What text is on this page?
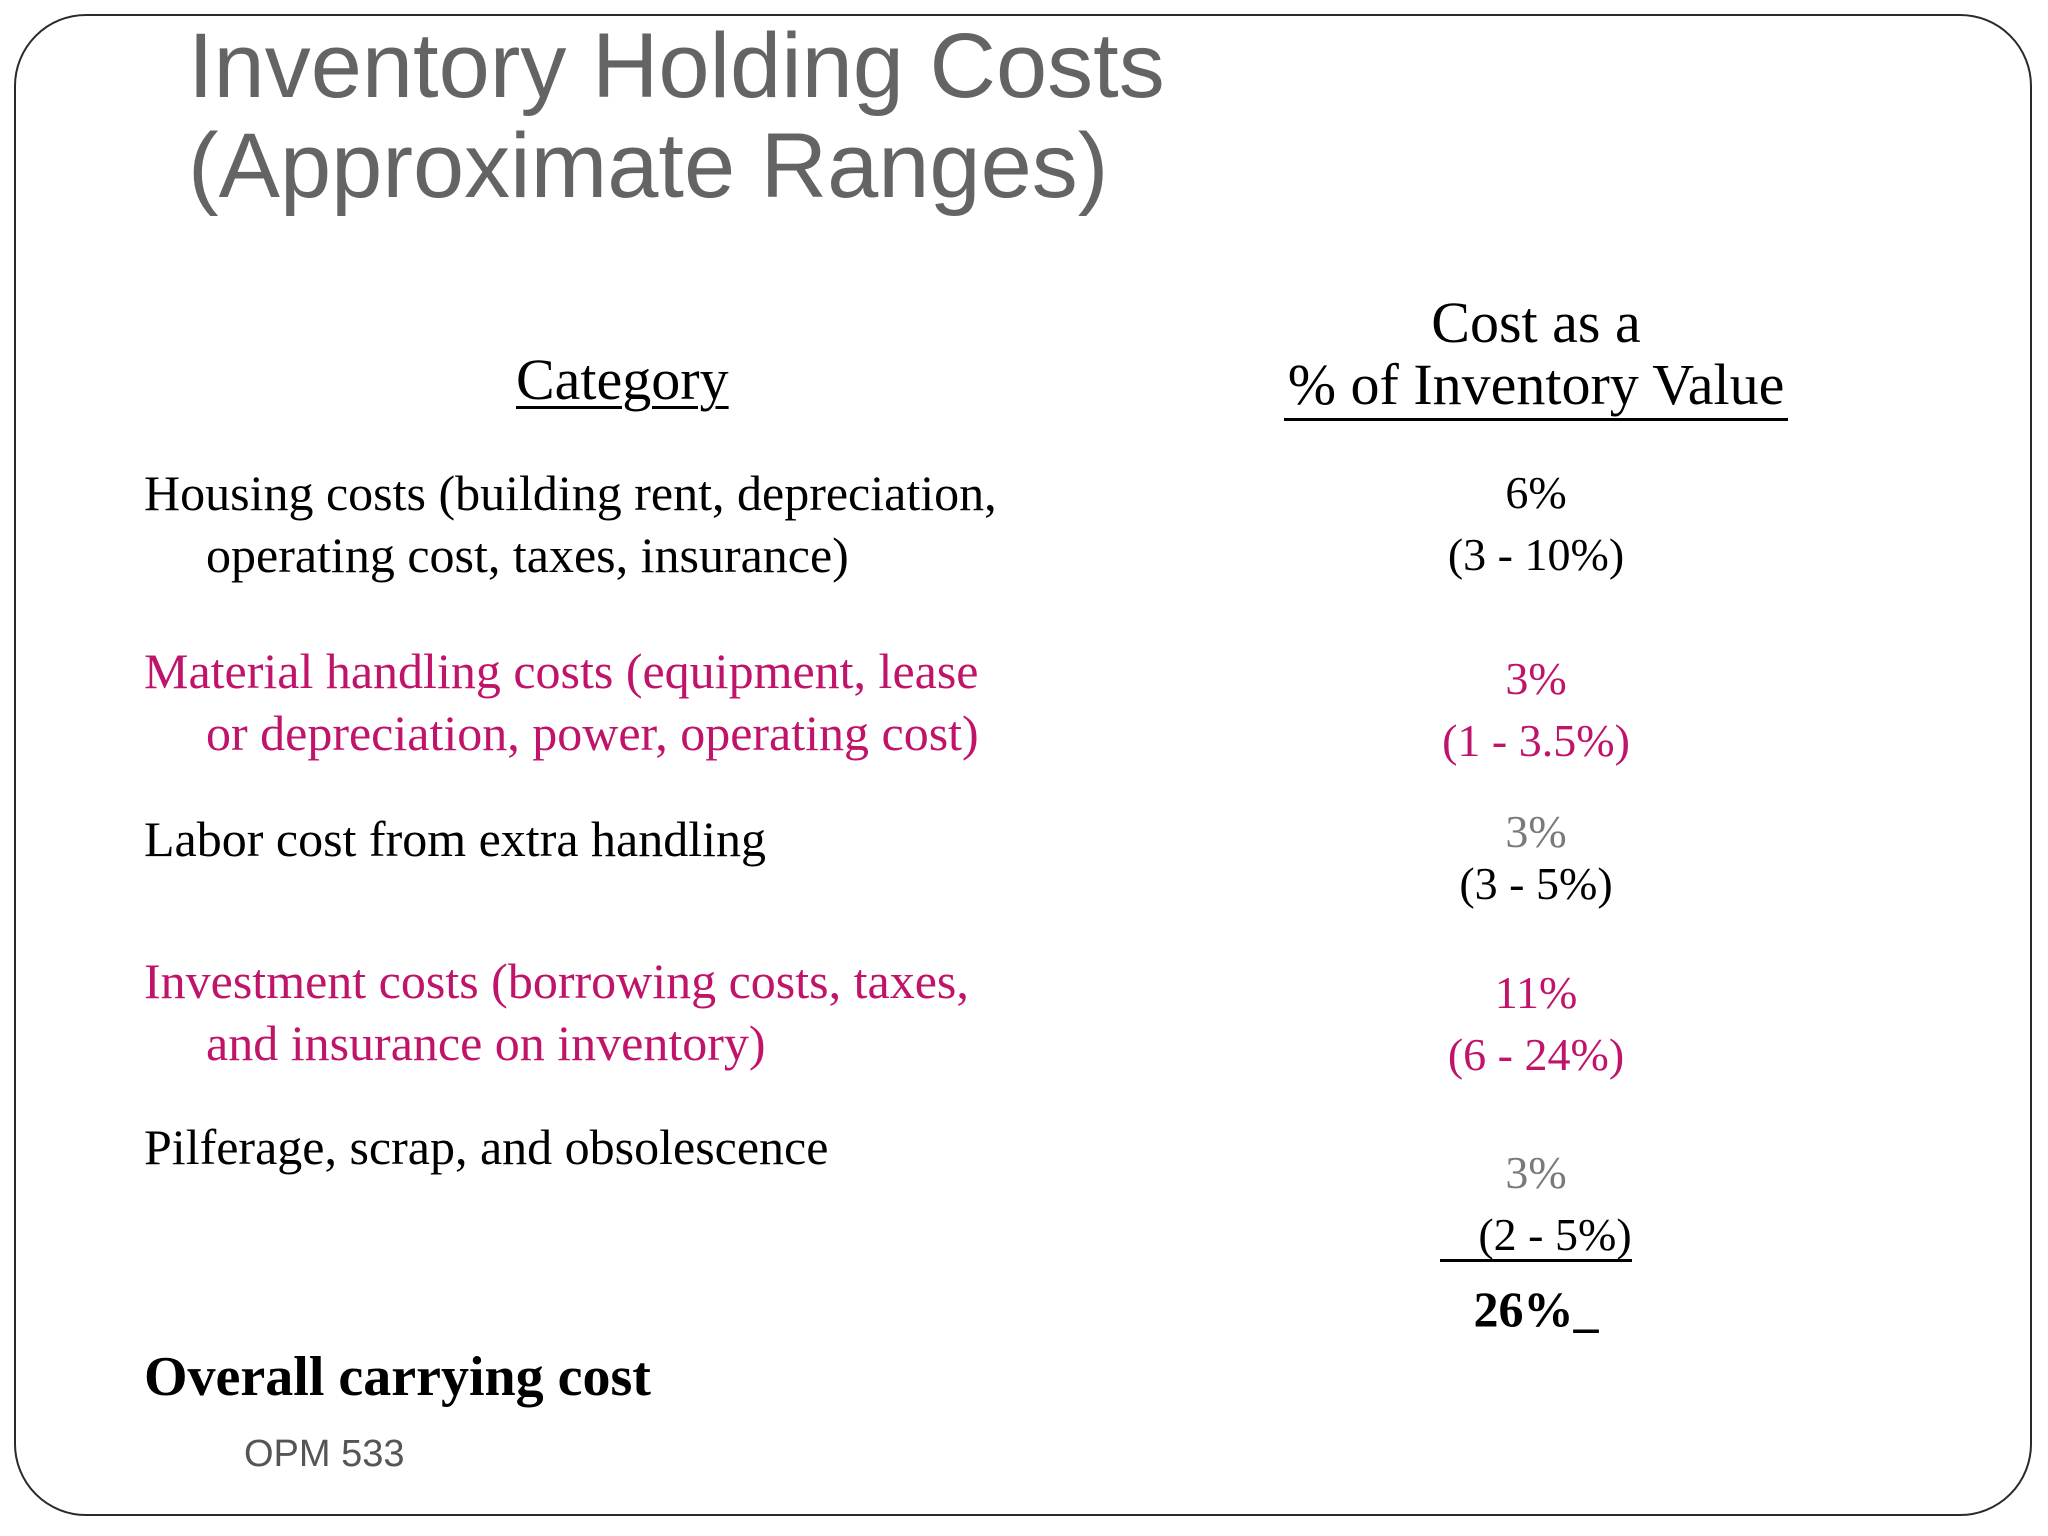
Inventory Holding Costs
(Approximate Ranges)
Category
Cost as a
% of Inventory Value
Housing costs (building rent, depreciation,
operating cost, taxes, insurance)
6%
(3 - 10%)
Material handling costs (equipment, lease
or depreciation, power, operating cost)
3%
(1 - 3.5%)
Labor cost from extra handling	3%
(3 - 5%)
Investment costs (borrowing costs, taxes,
and insurance on inventory)
11%
(6 - 24%)
Pilferage, scrap, and obsolescence	3%
(2 - 5%)
26%_
Overall carrying cost
OPM 533
